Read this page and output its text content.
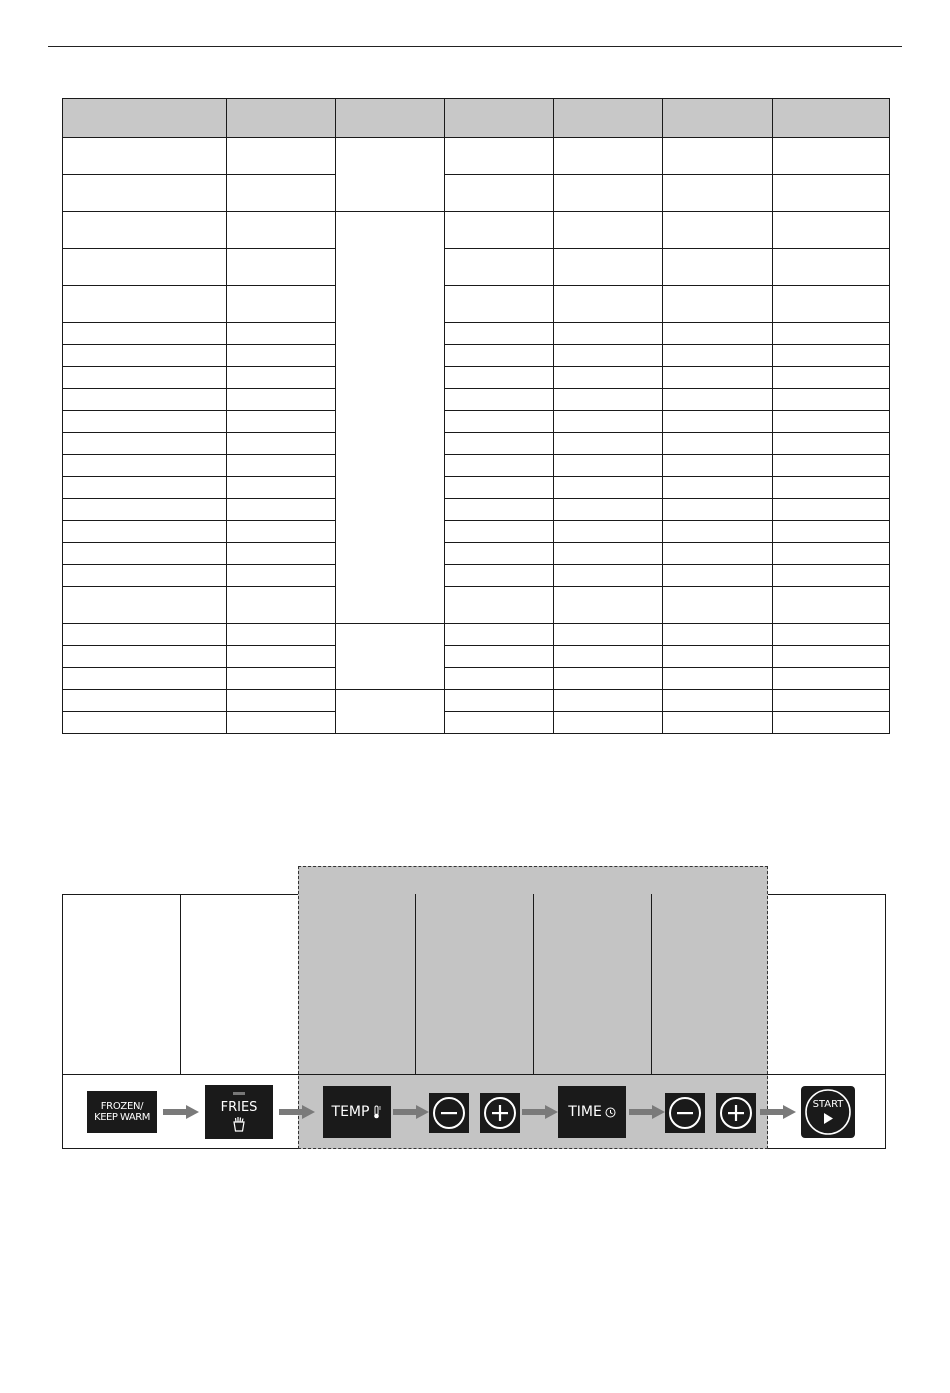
FROZEN/
KEEP WARM
FRIES	TEMP	TIME	START
